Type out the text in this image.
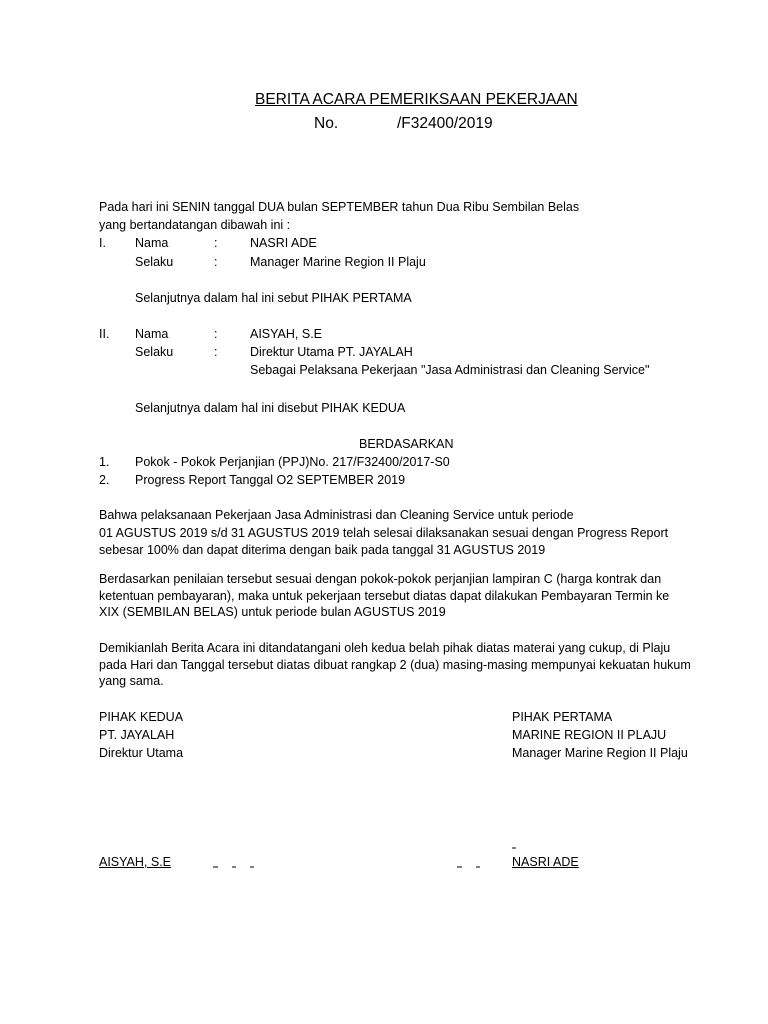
BERITA ACARA PEMERIKSAAN PEKERJAAN
No.	/F32400/2019
Pada hari ini SENIN tanggal DUA bulan SEPTEMBER tahun Dua Ribu Sembilan Belas
yang bertandatangan dibawah ini :
I. Nama	:	NASRI ADE
Selaku	:	Manager Marine Region II Plaju
Selanjutnya dalam hal ini sebut PIHAK PERTAMA
II. Nama	:	AISYAH, S.E
Selaku	:	Direktur Utama PT. JAYALAH
Sebagai Pelaksana Pekerjaan "Jasa Administrasi dan Cleaning Service"
Selanjutnya dalam hal ini disebut PIHAK KEDUA
BERDASARKAN
1. Pokok - Pokok Perjanjian (PPJ)No. 217/F32400/2017-S0
2. Progress Report Tanggal O2 SEPTEMBER 2019
Bahwa pelaksanaan Pekerjaan Jasa Administrasi dan Cleaning Service untuk periode
01 AGUSTUS 2019 s/d 31 AGUSTUS 2019 telah selesai dilaksanakan sesuai dengan Progress Report
sebesar 100% dan dapat diterima dengan baik pada tanggal 31 AGUSTUS 2019
Berdasarkan penilaian tersebut sesuai dengan pokok-pokok perjanjian lampiran C (harga kontrak dan
ketentuan pembayaran), maka untuk pekerjaan tersebut diatas dapat dilakukan Pembayaran Termin ke
XIX (SEMBILAN BELAS) untuk periode bulan AGUSTUS 2019
Demikianlah Berita Acara ini ditandatangani oleh kedua belah pihak diatas materai yang cukup, di Plaju
pada Hari dan Tanggal tersebut diatas dibuat rangkap 2 (dua) masing-masing mempunyai kekuatan hukum
yang sama.
PIHAK KEDUA
PT. JAYALAH
Direktur Utama
AISYAH, S.E
PIHAK PERTAMA
MARINE REGION II PLAJU
Manager Marine Region II Plaju
NASRI ADE
